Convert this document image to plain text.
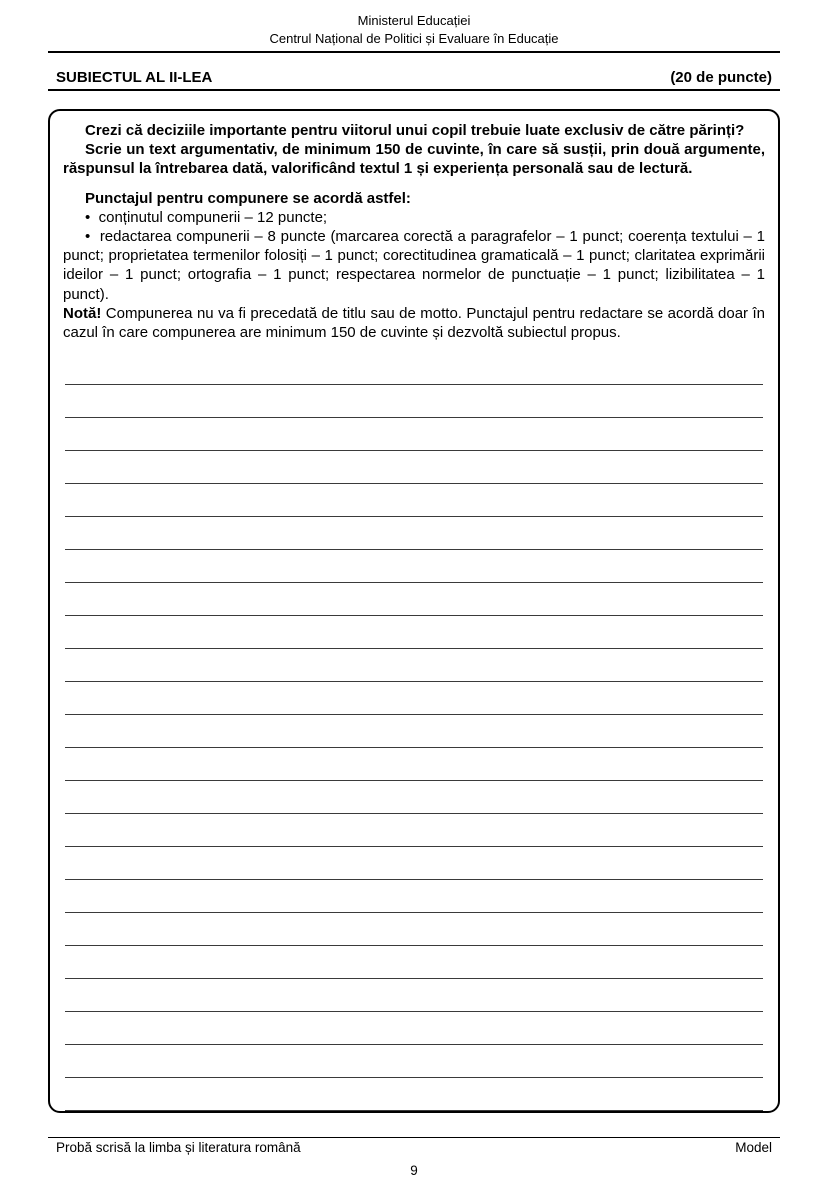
Ministerul Educației
Centrul Național de Politici și Evaluare în Educație
SUBIECTUL AL II-LEA	(20 de puncte)

Crezi că deciziile importante pentru viitorul unui copil trebuie luate exclusiv de către părinți?

Scrie un text argumentativ, de minimum 150 de cuvinte, în care să susții, prin două argumente, răspunsul la întrebarea dată, valorificând textul 1 și experiența personală sau de lectură.

Punctajul pentru compunere se acordă astfel:

• conținutul compunerii – 12 puncte;

• redactarea compunerii – 8 puncte (marcarea corectă a paragrafelor – 1 punct; coerența textului – 1 punct; proprietatea termenilor folosiți – 1 punct; corectitudinea gramaticală – 1 punct; claritatea exprimării ideilor – 1 punct; ortografia – 1 punct; respectarea normelor de punctuație – 1 punct; lizibilitatea – 1 punct).

Notă! Compunerea nu va fi precedată de titlu sau de motto. Punctajul pentru redactare se acordă doar în cazul în care compunerea are minimum 150 de cuvinte și dezvoltă subiectul propus.

Probă scrisă la limba și literatura română	Model
9
